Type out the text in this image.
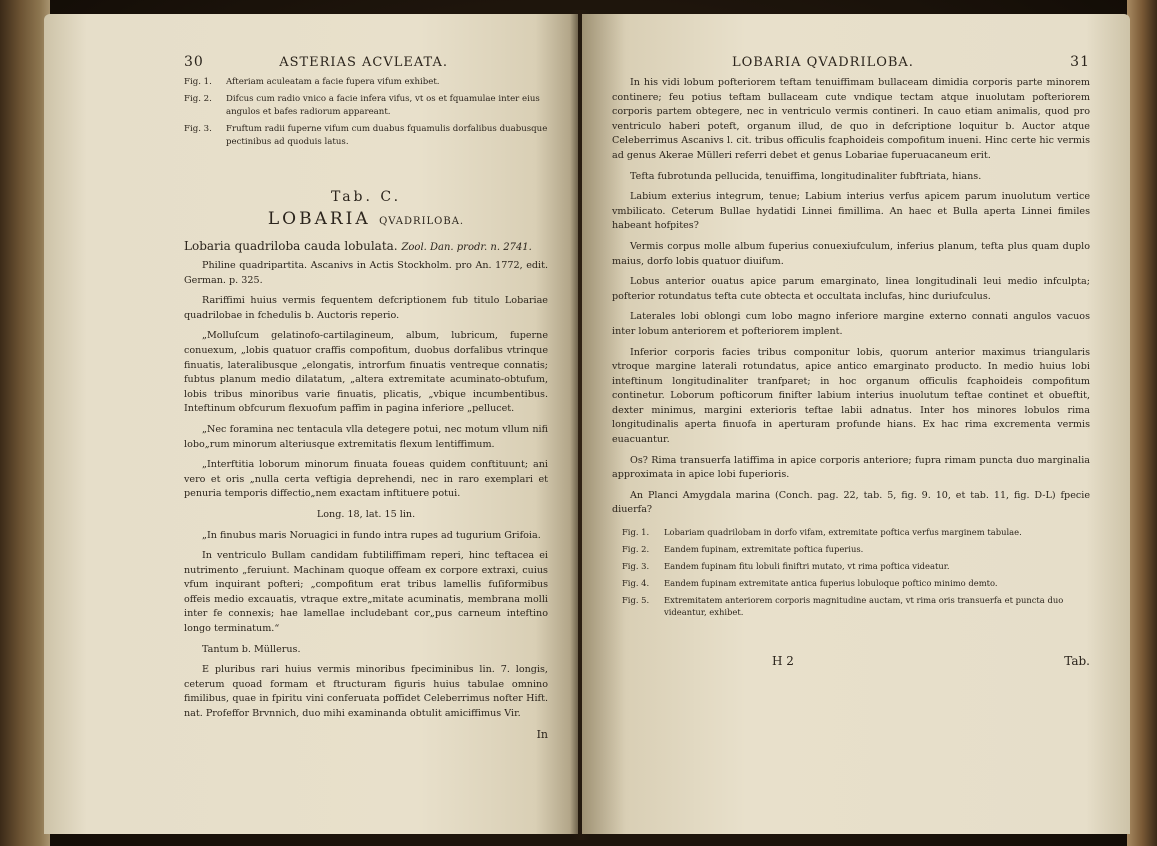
30	ASTERIAS ACVLEATA.
Fig. 1.	Afteriam aculeatam a facie fupera vifum exhibet.
Fig. 2.	Difcus cum radio vnico a facie infera vifus, vt os et fquamulae inter eius angulos et bafes radiorum appareant.
Fig. 3.	Fruftum radii fuperne vifum cum duabus fquamulis dorfalibus duabusque pectinibus ad quoduis latus.
Tab. C.
LOBARIA QVADRILOBA.
Lobaria quadriloba cauda lobulata. Zool. Dan. prodr. n. 2741.

Philine quadripartita. Ascanivs in Actis Stockholm. pro An. 1772, edit. German. p. 325.

Rariffimi huius vermis fequentem defcriptionem fub titulo Lobariae quadrilobae in fchedulis b. Auctoris reperio.

„Molluſcum gelatinofo-cartilagineum, album, lubricum, fuperne conuexum, „lobis quatuor craffis compofitum, duobus dorfalibus vtrinque finuatis, lateralibusque „elongatis, introrfum finuatis ventreque connatis; fubtus planum medio dilatatum, „altera extremitate acuminato-obtufum, lobis tribus minoribus varie finuatis, plicatis, „vbique incumbentibus. Inteftinum obfcurum flexuofum paffim in pagina inferiore „pellucet.

„Nec foramina nec tentacula vlla detegere potui, nec motum vllum nifi lobo„rum minorum alteriusque extremitatis flexum lentiffimum.

„Interftitia loborum minorum finuata foueas quidem conftituunt; ani vero et oris „nulla certa veftigia deprehendi, nec in raro exemplari et penuria temporis diffectio„nem exactam inftituere potui.

Long. 18, lat. 15 lin.

„In finubus maris Noruagici in fundo intra rupes ad tugurium Grifoia.

In ventriculo Bullam candidam fubtiliffimam reperi, hinc teftacea ei nutrimento „feruiunt. Machinam quoque offeam ex corpore extraxi, cuius vfum inquirant pofteri; „compofitum erat tribus lamellis fuſiformibus offeis medio excauatis, vtraque extre„mitate acuminatis, membrana molli inter fe connexis; hae lamellae includebant cor„pus carneum inteftino longo terminatum.“

Tantum b. Müllerus.

E pluribus rari huius vermis minoribus fpeciminibus lin. 7. longis, ceterum quoad formam et ftructuram figuris huius tabulae omnino fimilibus, quae in fpiritu vini conferuata poffidet Celeberrimus nofter Hift. nat. Profeffor Brvnnich, duo mihi examinanda obtulit amiciffimus Vir.

In
LOBARIA QVADRILOBA.	31

In his vidi lobum pofteriorem teftam tenuiffimam bullaceam dimidia corporis parte minorem continere; feu potius teftam bullaceam cute vndique tectam atque inuolutam pofteriorem corporis partem obtegere, nec in ventriculo vermis contineri. In cauo etiam animalis, quod pro ventriculo haberi poteft, organum illud, de quo in defcriptione loquitur b. Auctor atque Celeberrimus Ascanivs l. cit. tribus officulis fcaphoideis compofitum inueni. Hinc certe hic vermis ad genus Akerae Mülleri referri debet et genus Lobariae fuperuacaneum erit.

Tefta fubrotunda pellucida, tenuiffima, longitudinaliter fubftriata, hians.

Labium exterius integrum, tenue; Labium interius verfus apicem parum inuolutum vertice vmbilicato. Ceterum Bullae hydatidi Linnei fimillima. An haec et Bulla aperta Linnei fimiles habeant hofpites?

Vermis corpus molle album fuperius conuexiufculum, inferius planum, tefta plus quam duplo maius, dorfo lobis quatuor diuifum.

Lobus anterior ouatus apice parum emarginato, linea longitudinali leui medio infculpta; pofterior rotundatus tefta cute obtecta et occultata inclufas, hinc duriufculus.

Laterales lobi oblongi cum lobo magno inferiore margine externo connati angulos vacuos inter lobum anteriorem et pofteriorem implent.

Inferior corporis facies tribus componitur lobis, quorum anterior maximus triangularis vtroque margine laterali rotundatus, apice antico emarginato producto. In medio huius lobi inteftinum longitudinaliter tranfparet; in hoc organum officulis fcaphoideis compofitum continetur. Loborum pofticorum finifter labium interius inuolutum teftae continet et obueftit, dexter minimus, margini exterioris teftae labii adnatus. Inter hos minores lobulos rima longitudinalis aperta finuofa in aperturam profunde hians. Ex hac rima excrementa vermis euacuantur.

Os? Rima transuerfa latiffima in apice corporis anteriore; fupra rimam puncta duo marginalia approximata in apice lobi fuperioris.

An Planci Amygdala marina (Conch. pag. 22, tab. 5, fig. 9. 10, et tab. 11, fig. D-L) fpecie diuerfa?

Fig. 1.	Lobariam quadrilobam in dorfo vifam, extremitate poftica verfus marginem tabulae.
Fig. 2.	Eandem fupinam, extremitate poftica fuperius.
Fig. 3.	Eandem fupinam fitu lobuli finiftri mutato, vt rima poftica videatur.
Fig. 4.	Eandem fupinam extremitate antica fuperius lobuloque poftico minimo demto.
Fig. 5.	Extremitatem anteriorem corporis magnitudine auctam, vt rima oris transuerfa et puncta duo videantur, exhibet.
H 2	Tab.
